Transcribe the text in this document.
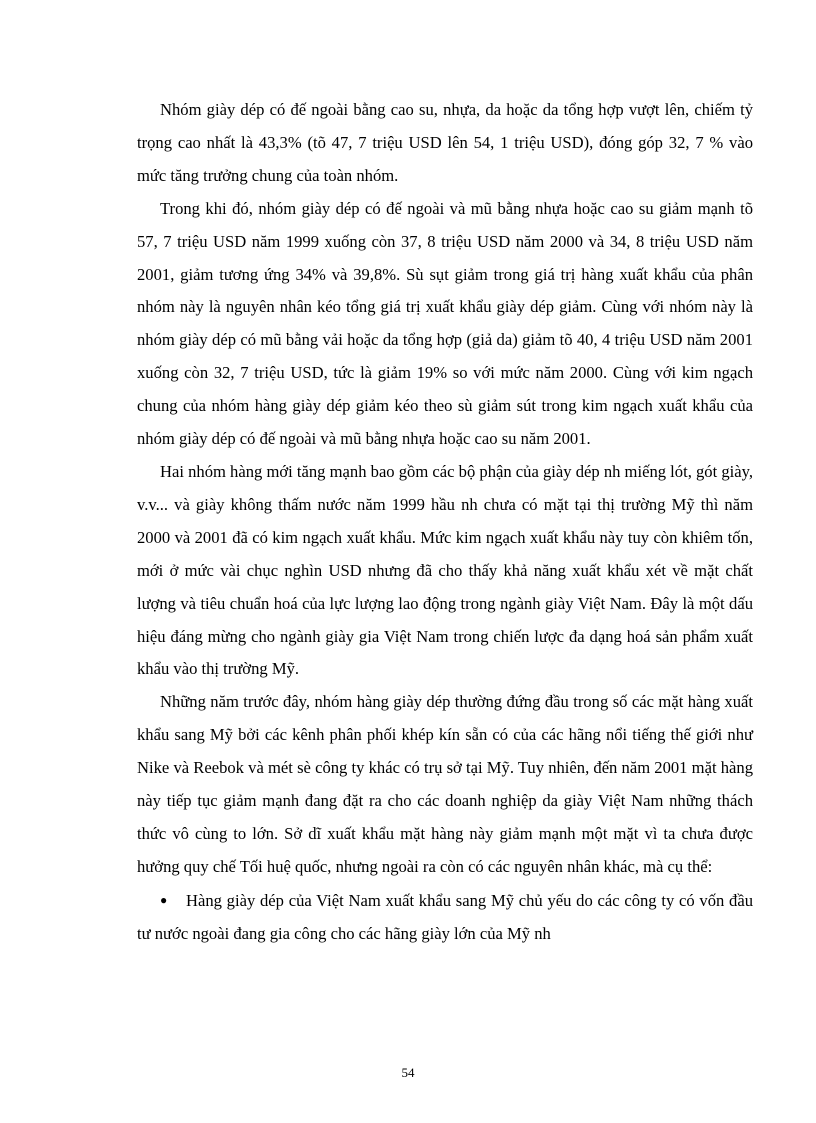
Nhóm giày dép có đế ngoài bằng cao su, nhựa, da hoặc da tổng hợp vượt lên, chiếm tỷ trọng cao nhất là 43,3% (tõ 47, 7 triệu USD lên 54, 1 triệu USD), đóng góp 32, 7 % vào mức tăng trưởng chung của toàn nhóm.

Trong khi đó, nhóm giày dép có đế ngoài và mũ bằng nhựa hoặc cao su giảm mạnh tõ 57, 7 triệu USD năm 1999 xuống còn 37, 8 triệu USD năm 2000 và 34, 8 triệu USD năm 2001, giảm tương ứng 34% và 39,8%. Sù sụt giảm trong giá trị hàng xuất khẩu của phân nhóm này là nguyên nhân kéo tổng giá trị xuất khẩu giày dép giảm. Cùng với nhóm này là nhóm giày dép có mũ bằng vải hoặc da tổng hợp (giả da) giảm tõ 40, 4 triệu USD năm 2001 xuống còn 32, 7 triệu USD, tức là giảm 19% so với mức năm 2000. Cùng với kim ngạch chung của nhóm hàng giày dép giảm kéo theo sù giảm sút trong kim ngạch xuất khẩu của nhóm giày dép có đế ngoài và mũ bằng nhựa hoặc cao su năm 2001.

Hai nhóm hàng mới tăng mạnh bao gồm các bộ phận của giày dép nh miếng lót, gót giày, v.v... và giày không thấm nước năm 1999 hầu nh chưa có mặt tại thị trường Mỹ thì năm 2000 và 2001 đã có kim ngạch xuất khẩu. Mức kim ngạch xuất khẩu này tuy còn khiêm tốn, mới ở mức vài chục nghìn USD nhưng đã cho thấy khả năng xuất khẩu xét về mặt chất lượng và tiêu chuẩn hoá của lực lượng lao động trong ngành giày Việt Nam. Đây là một dấu hiệu đáng mừng cho ngành giày gia Việt Nam trong chiến lược đa dạng hoá sản phẩm xuất khẩu vào thị trường Mỹ.

Những năm trước đây, nhóm hàng giày dép thường đứng đầu trong số các mặt hàng xuất khẩu sang Mỹ bởi các kênh phân phối khép kín sẵn có của các hãng nổi tiếng thế giới như Nike và Reebok và mét sè công ty khác có trụ sở tại Mỹ. Tuy nhiên, đến năm 2001 mặt hàng này tiếp tục giảm mạnh đang đặt ra cho các doanh nghiệp da giày Việt Nam những thách thức vô cùng to lớn. Sở dĩ xuất khẩu mặt hàng này giảm mạnh một mặt vì ta chưa được hưởng quy chế Tối huệ quốc, nhưng ngoài ra còn có các nguyên nhân khác, mà cụ thể:

● Hàng giày dép của Việt Nam xuất khẩu sang Mỹ chủ yếu do các công ty có vốn đầu tư nước ngoài đang gia công cho các hãng giày lớn của Mỹ nh

54
